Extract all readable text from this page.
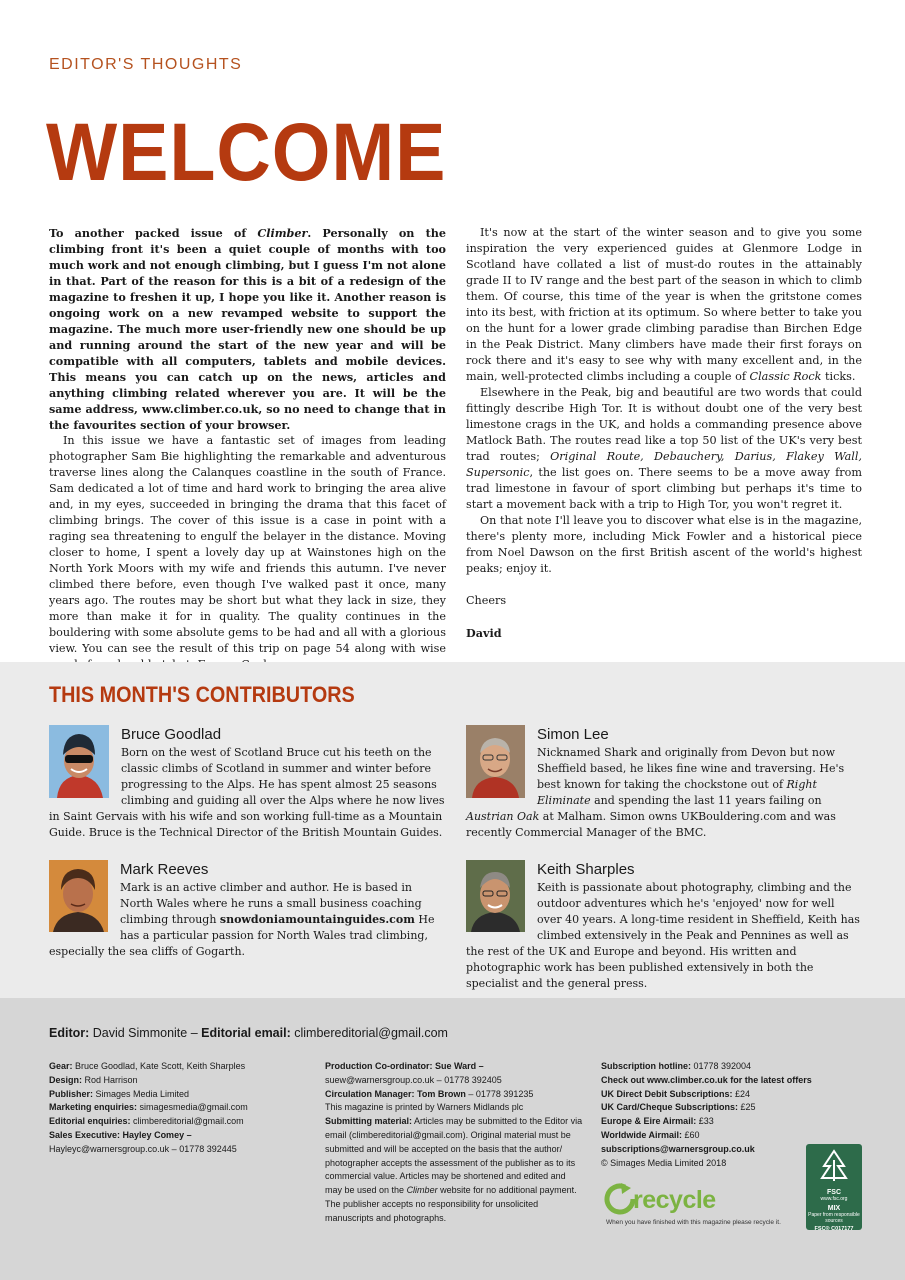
EDITOR'S THOUGHTS
WELCOME

To another packed issue of Climber. Personally on the climbing front it's been a quiet couple of months with too much work and not enough climbing, but I guess I'm not alone in that. Part of the reason for this is a bit of a redesign of the magazine to freshen it up, I hope you like it. Another reason is ongoing work on a new revamped website to support the magazine. The much more user-friendly new one should be up and running around the start of the new year and will be compatible with all computers, tablets and mobile devices. This means you can catch up on the news, articles and anything climbing related wherever you are. It will be the same address, www.climber.co.uk, so no need to change that in the favourites section of your browser.

In this issue we have a fantastic set of images from leading photographer Sam Bie highlighting the remarkable and adventurous traverse lines along the Calanques coastline in the south of France. Sam dedicated a lot of time and hard work to bringing the area alive and, in my eyes, succeeded in bringing the drama that this facet of climbing brings. The cover of this issue is a case in point with a raging sea threatening to engulf the belayer in the distance. Moving closer to home, I spent a lovely day up at Wainstones high on the North York Moors with my wife and friends this autumn. I've never climbed there before, even though I've walked past it once, many years ago. The routes may be short but what they lack in size, they more than make it for in quality. The quality continues in the bouldering with some absolute gems to be had and all with a glorious view. You can see the result of this trip on page 54 along with wise

It's now at the start of the winter season and to give you some inspiration the very experienced guides at Glenmore Lodge in Scotland have collated a list of must-do routes in the attainably grade II to IV range and the best part of the season in which to climb them. Of course, this time of the year is when the gritstone comes into its best, with friction at its optimum. So where better to take you on the hunt for a lower grade climbing paradise than Birchen Edge in the Peak District. Many climbers have made their first forays on rock there and it's easy to see why with many excellent and, in the main, well-protected climbs including a couple of Classic Rock ticks.

Elsewhere in the Peak, big and beautiful are two words that could fittingly describe High Tor. It is without doubt one of the very best limestone crags in the UK, and holds a commanding presence above Matlock Bath. The routes read like a top 50 list of the UK's very best trad routes; Original Route, Debauchery, Darius, Flakey Wall, Supersonic, the list goes on. There seems to be a move away from trad limestone in favour of sport climbing but perhaps it's time to start a movement back with a trip to High Tor, you won't regret it.

On that note I'll leave you to discover what else is in the magazine, there's plenty more, including Mick Fowler and a historical piece from Noel Dawson on the first British ascent of the world's highest peaks; enjoy it.

Cheers

David

THIS MONTH'S CONTRIBUTORS
Bruce Goodlad
Born on the west of Scotland Bruce cut his teeth on the classic climbs of Scotland in summer and winter before progressing to the Alps. He has spent almost 25 seasons climbing and guiding all over the Alps where he now lives in Saint Gervais with his wife and son working full-time as a Mountain Guide. Bruce is the Technical Director of the British Mountain Guides.
Simon Lee
Nicknamed Shark and originally from Devon but now Sheffield based, he likes fine wine and traversing. He's best known for taking the chockstone out of Right Eliminate and spending the last 11 years failing on Austrian Oak at Malham. Simon owns UKBouldering.com and was recently Commercial Manager of the BMC.
Mark Reeves
Mark is an active climber and author. He is based in North Wales where he runs a small business coaching climbing through snowdoniamountainguides.com He has a particular passion for North Wales trad climbing, especially the sea cliffs of Gogarth.
Keith Sharples
Keith is passionate about photography, climbing and the outdoor adventures which he's 'enjoyed' now for well over 40 years. A long-time resident in Sheffield, Keith has climbed extensively in the Peak and Pennines as well as the rest of the UK and Europe and beyond. His written and photographic work has been published extensively in both the specialist and the general press.
Editor: David Simmonite – Editorial email: climbereditorial@gmail.com
Gear: Bruce Goodlad, Kate Scott, Keith Sharples
Design: Rod Harrison
Publisher: Simages Media Limited
Marketing enquiries: simagesmedia@gmail.com
Editorial enquiries: climbereditorial@gmail.com
Sales Executive: Hayley Comey –
Hayleyc@warnersgroup.co.uk – 01778 392445
Production Co-ordinator: Sue Ward –
suew@warnersgroup.co.uk – 01778 392405
Circulation Manager: Tom Brown – 01778 391235
This magazine is printed by Warners Midlands plc
Submitting material: Articles may be submitted to the Editor via email (climbereditorial@gmail.com). Original material must be submitted and will be accepted on the basis that the author/ photographer accepts the assessment of the publisher as to its commercial value. Articles may be shortened and edited and may be used on the Climber website for no additional payment. The publisher accepts no responsibility for unsolicited manuscripts and photographs.
Subscription hotline: 01778 392004
Check out www.climber.co.uk for the latest offers
UK Direct Debit Subscriptions: £24
UK Card/Cheque Subscriptions: £25
Europe & Eire Airmail: £33
Worldwide Airmail: £60
subscriptions@warnersgroup.co.uk
© Simages Media Limited 2018
recycle
When you have finished with this magazine please recycle it.
FSC
www.fsc.org
MIX
Paper from responsible sources
FSC® C017177
